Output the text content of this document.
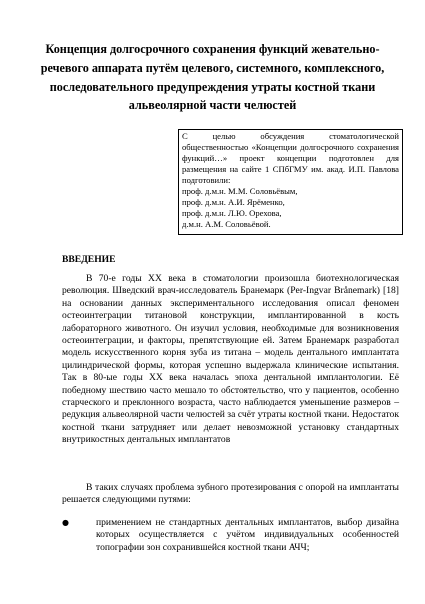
Концепция долгосрочного сохранения функций жевательно-речевого аппарата путём целевого, системного, комплексного, последовательного предупреждения утраты костной ткани альвеолярной части челюстей
С целью обсуждения стоматологической общественностью «Концепции долгосрочного сохранения функций…» проект концепции подготовлен для размещения на сайте 1 СПбГМУ им. акад. И.П. Павлова подготовили:
проф. д.м.н. М.М. Соловьёвым,
проф. д.м.н. А.И. Ярёменко,
проф. д.м.н. Л.Ю. Орехова,
д.м.н. А.М. Соловьёвой.
ВВЕДЕНИЕ

В 70-е годы XX века в стоматологии произошла биотехнологическая революция. Шведский врач-исследователь Бранемарк (Per-Ingvar Brånemark) [18] на основании данных экспериментального исследования описал феномен остеоинтеграции титановой конструкции, имплантированной в кость лабораторного животного. Он изучил условия, необходимые для возникновения остеоинтеграции, и факторы, препятствующие ей. Затем Бранемарк разработал модель искусственного корня зуба из титана – модель дентального имплантата цилиндрической формы, которая успешно выдержала клинические испытания. Так в 80-ые годы XX века началась эпоха дентальной имплантологии. Её победному шествию часто мешало то обстоятельство, что у пациентов, особенно старческого и преклонного возраста, часто наблюдается уменьшение размеров – редукция альвеолярной части челюстей за счёт утраты костной ткани. Недостаток костной ткани затрудняет или делает невозможной установку стандартных внутрикостных дентальных имплантатов

В таких случаях проблема зубного протезирования с опорой на имплантаты решается следующими путями:

●	применением не стандартных дентальных имплантатов, выбор дизайна которых осуществляется с учётом индивидуальных особенностей топографии зон сохранившейся костной ткани АЧЧ;
